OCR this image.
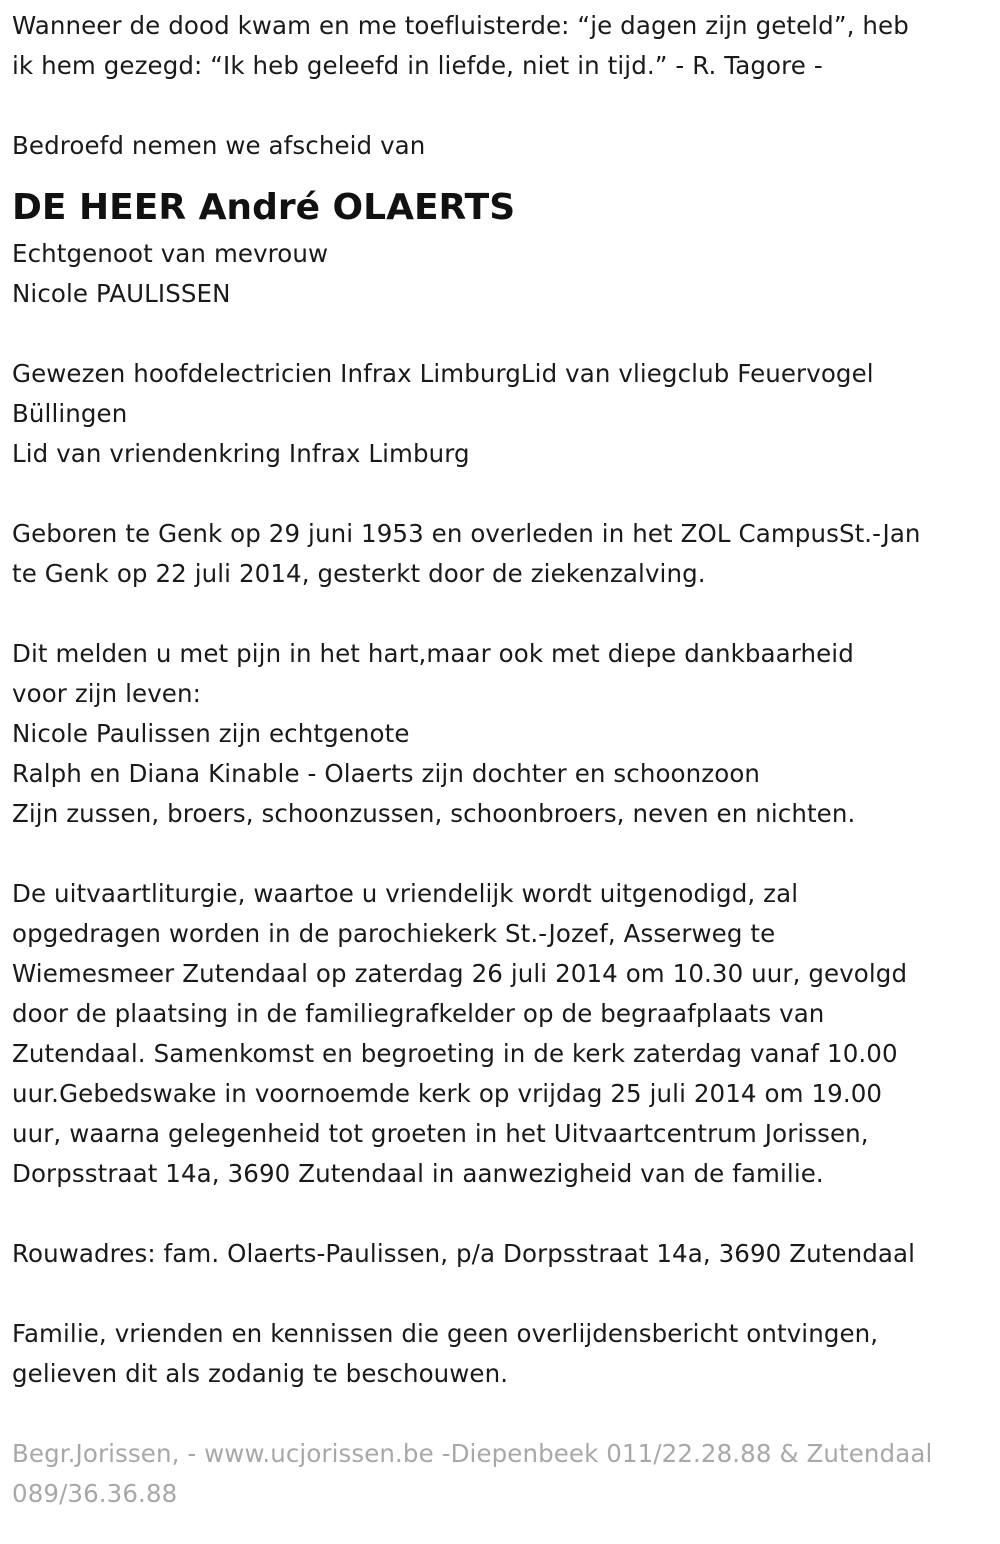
Wanneer de dood kwam en me toefluisterde: “je dagen zijn geteld”, heb
ik hem gezegd: “Ik heb geleefd in liefde, niet in tijd.” - R. Tagore -
Bedroefd nemen we afscheid van
DE HEER André OLAERTS
Echtgenoot van mevrouw
Nicole PAULISSEN
Gewezen hoofdelectricien Infrax LimburgLid van vliegclub Feuervogel
Büllingen
Lid van vriendenkring Infrax Limburg
Geboren te Genk op 29 juni 1953 en overleden in het ZOL CampusSt.-Jan
te Genk op 22 juli 2014, gesterkt door de ziekenzalving.
Dit melden u met pijn in het hart,maar ook met diepe dankbaarheid
voor zijn leven:
Nicole Paulissen zijn echtgenote
Ralph en Diana Kinable - Olaerts zijn dochter en schoonzoon
Zijn zussen, broers, schoonzussen, schoonbroers, neven en nichten.
De uitvaartliturgie, waartoe u vriendelijk wordt uitgenodigd, zal
opgedragen worden in de parochiekerk St.-Jozef, Asserweg te
Wiemesmeer Zutendaal op zaterdag 26 juli 2014 om 10.30 uur, gevolgd
door de plaatsing in de familiegrafkelder op de begraafplaats van
Zutendaal. Samenkomst en begroeting in de kerk zaterdag vanaf 10.00
uur.Gebedswake in voornoemde kerk op vrijdag 25 juli 2014 om 19.00
uur, waarna gelegenheid tot groeten in het Uitvaartcentrum Jorissen,
Dorpsstraat 14a, 3690 Zutendaal in aanwezigheid van de familie.
Rouwadres: fam. Olaerts-Paulissen, p/a Dorpsstraat 14a, 3690 Zutendaal
Familie, vrienden en kennissen die geen overlijdensbericht ontvingen,
gelieven dit als zodanig te beschouwen.
Begr.Jorissen, - www.ucjorissen.be -Diepenbeek 011/22.28.88 & Zutendaal
089/36.36.88
